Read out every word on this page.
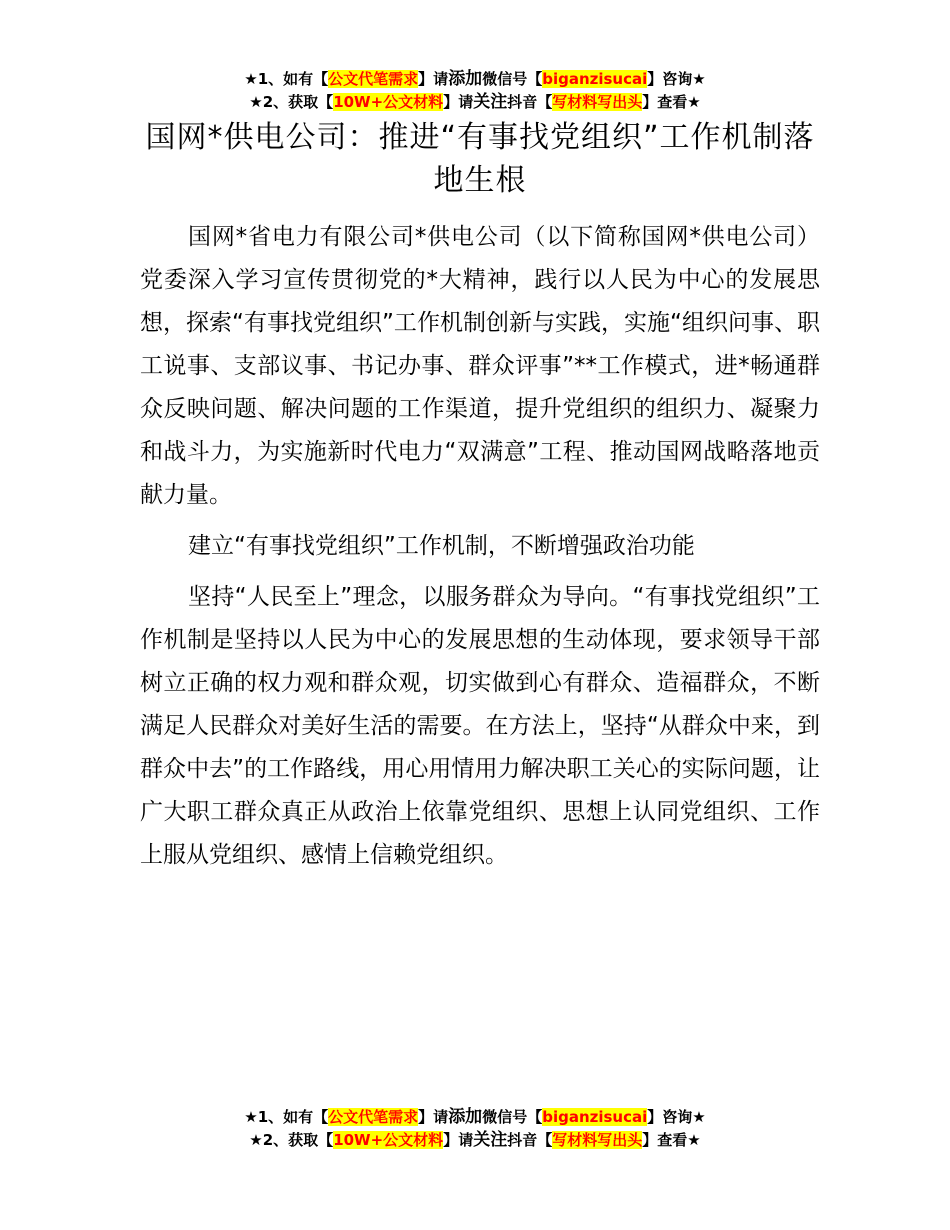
★1、如有【公文代笔需求】请添加微信号【biganzisucai】咨询★
★2、获取【10W+公文材料】请关注抖音【写材料写出头】查看★
国网*供电公司：推进“有事找党组织”工作机制落地生根

国网*省电力有限公司*供电公司（以下简称国网*供电公司）党委深入学习宣传贯彻党的*大精神，践行以人民为中心的发展思想，探索“有事找党组织”工作机制创新与实践，实施“组织问事、职工说事、支部议事、书记办事、群众评事”**工作模式，进*畅通群众反映问题、解决问题的工作渠道，提升党组织的组织力、凝聚力和战斗力，为实施新时代电力“双满意”工程、推动国网战略落地贡献力量。

建立“有事找党组织”工作机制，不断增强政治功能

坚持“人民至上”理念，以服务群众为导向。“有事找党组织”工作机制是坚持以人民为中心的发展思想的生动体现，要求领导干部树立正确的权力观和群众观，切实做到心有群众、造福群众，不断满足人民群众对美好生活的需要。在方法上，坚持“从群众中来，到群众中去”的工作路线，用心用情用力解决职工关心的实际问题，让广大职工群众真正从政治上依靠党组织、思想上认同党组织、工作上服从党组织、感情上信赖党组织。

★1、如有【公文代笔需求】请添加微信号【biganzisucai】咨询★
★2、获取【10W+公文材料】请关注抖音【写材料写出头】查看★
